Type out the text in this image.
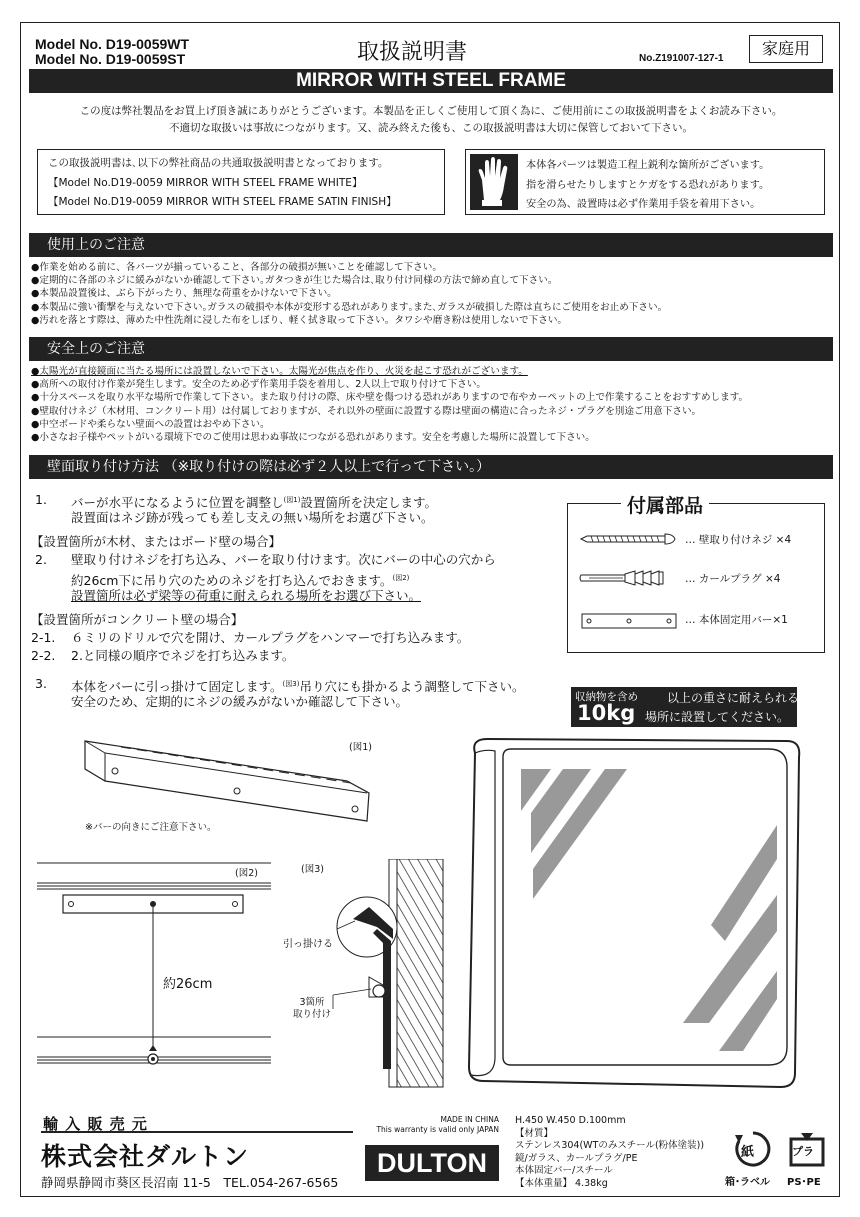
Model No. D19-0059WT
Model No. D19-0059ST	取扱説明書	No.Z191007-127-1
家庭用
MIRROR WITH STEEL FRAME
この度は弊社製品をお買上げ頂き誠にありがとうございます。本製品を正しくご使用して頂く為に、ご使用前にこの取扱説明書をよくお読み下さい。
不適切な取扱いは事故につながります。又、読み終えた後も、この取扱説明書は大切に保管しておいて下さい。
この取扱説明書は､以下の弊社商品の共通取扱説明書となっております。
【Model No.D19-0059 MIRROR WITH STEEL FRAME WHITE】
【Model No.D19-0059 MIRROR WITH STEEL FRAME SATIN FINISH】
本体各パーツは製造工程上鋭利な箇所がございます。
指を滑らせたりしますとケガをする恐れがあります。
安全の為、設置時は必ず作業用手袋を着用下さい。
使用上のご注意
●作業を始める前に、各パーツが揃っていること、各部分の破損が無いことを確認して下さい。
●定期的に各部のネジに緩みがないか確認して下さい｡ガタつきが生じた場合は､取り付け同様の方法で締め直して下さい。
●本製品設置後は、ぶら下がったり、無理な荷重をかけないで下さい。
●本製品に強い衝撃を与えないで下さい｡ガラスの破損や本体が変形する恐れがあります｡また､ガラスが破損した際は直ちにご使用をお止め下さい。
●汚れを落とす際は、薄めた中性洗剤に浸した布をしぼり、軽く拭き取って下さい。タワシや磨き粉は使用しないで下さい。
安全上のご注意
●太陽光が直接鏡面に当たる場所には設置しないで下さい。太陽光が焦点を作り、火災を起こす恐れがございます。
●高所への取付け作業が発生します。安全のため必ず作業用手袋を着用し、2人以上で取り付けて下さい。
●十分スペースを取り水平な場所で作業して下さい。また取り付けの際、床や壁を傷つける恐れがありますので布やカーペットの上で作業することをおすすめします。
●壁取付けネジ（木材用、コンクリート用）は付属しておりますが、それ以外の壁面に設置する際は壁面の構造に合ったネジ・プラグを別途ご用意下さい。
●中空ボードや柔らない壁面への設置はおやめ下さい。
●小さなお子様やペットがいる環境下でのご使用は思わぬ事故につながる恐れがあります。安全を考慮した場所に設置して下さい。
壁面取り付け方法 （※取り付けの際は必ず２人以上で行って下さい。）
1. バーが水平になるように位置を調整し$^{(図1)}$設置箇所を決定します。
設置面はネジ跡が残っても差し支えの無い場所をお選び下さい。
【設置箇所が木材、またはボード壁の場合】
2. 壁取り付けネジを打ち込み、バーを取り付けます。次にバーの中心の穴から
約26cm下に吊り穴のためのネジを打ち込んでおきます。$^{(図2)}$
設置箇所は必ず梁等の荷重に耐えられる場所をお選び下さい。
【設置箇所がコンクリート壁の場合】
2-1. ６ミリのドリルで穴を開け、カールプラグをハンマーで打ち込みます。
2-2. 2.と同様の順序でネジを打ち込みます。
3. 本体をバーに引っ掛けて固定します。$^{(図3)}$吊り穴にも掛かるよう調整して下さい。
安全のため、定期的にネジの緩みがないか確認して下さい。
付属部品
… 壁取り付けネジ ×4
… カールプラグ ×4
… 本体固定用バー×1
収納物を含め
10kg
以上の重さに耐えられる
場所に設置してください。
(図1)
※バーの向きにご注意下さい。
(図2)
約26cm
(図3)
引っ掛ける
3箇所
取り付け
輸 入 販 売 元
株式会社ダルトン
静岡県静岡市葵区長沼南 11-5　TEL.054-267-6565
MADE IN CHINA
This warranty is valid only JAPAN
DULTON
H.450 W.450 D.100mm
【材質】
ステンレス304(WTのみスチール(粉体塗装))
鏡/ガラス、カールプラグ/PE
本体固定バー/スチール
【本体重量】 4.38kg
紙
箱･ラベル
プラ
PS･PE
